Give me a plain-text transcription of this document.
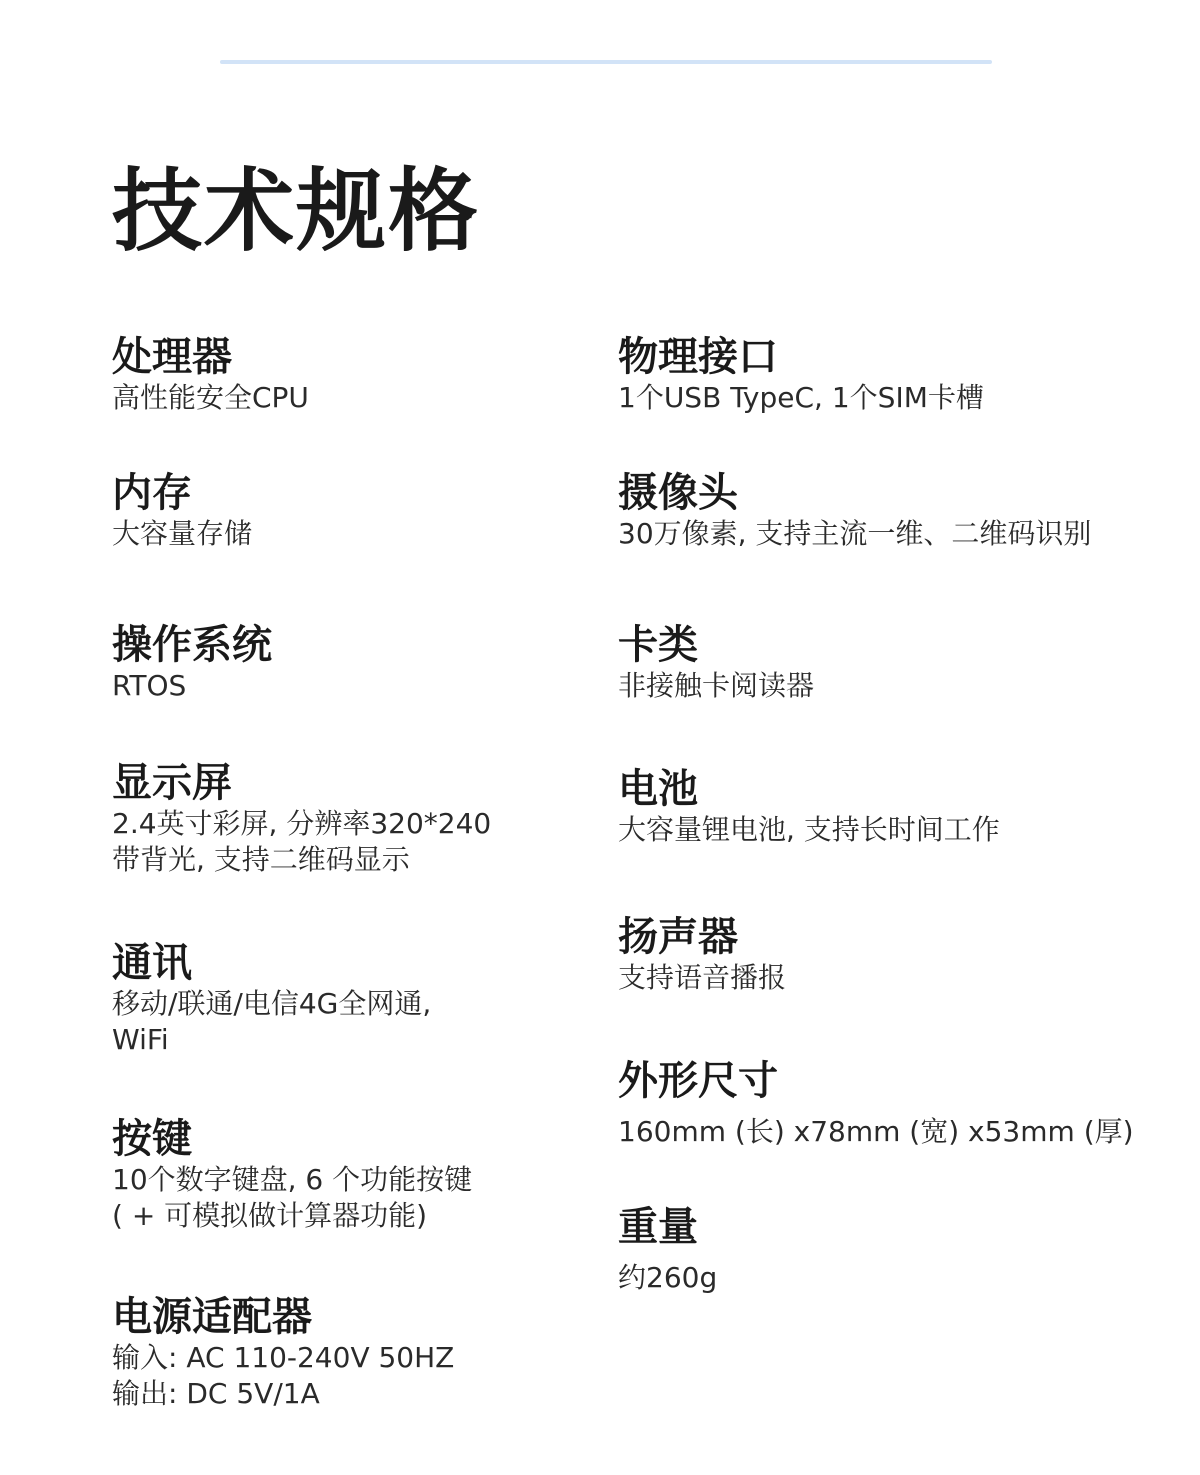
技术规格
处理器
高性能安全CPU
内存
大容量存储
操作系统
RTOS
显示屏
2.4英寸彩屏, 分辨率320*240
带背光, 支持二维码显示
通讯
移动/联通/电信4G全网通,
WiFi
按键
10个数字键盘, 6 个功能按键
( + 可模拟做计算器功能)
电源适配器
输入: AC 110-240V 50HZ
输出: DC 5V/1A
物理接口
1个USB TypeC, 1个SIM卡槽
摄像头
30万像素, 支持主流一维、二维码识别
卡类
非接触卡阅读器
电池
大容量锂电池, 支持长时间工作
扬声器
支持语音播报
外形尺寸
160mm (长) x78mm (宽) x53mm (厚)
重量
约260g
